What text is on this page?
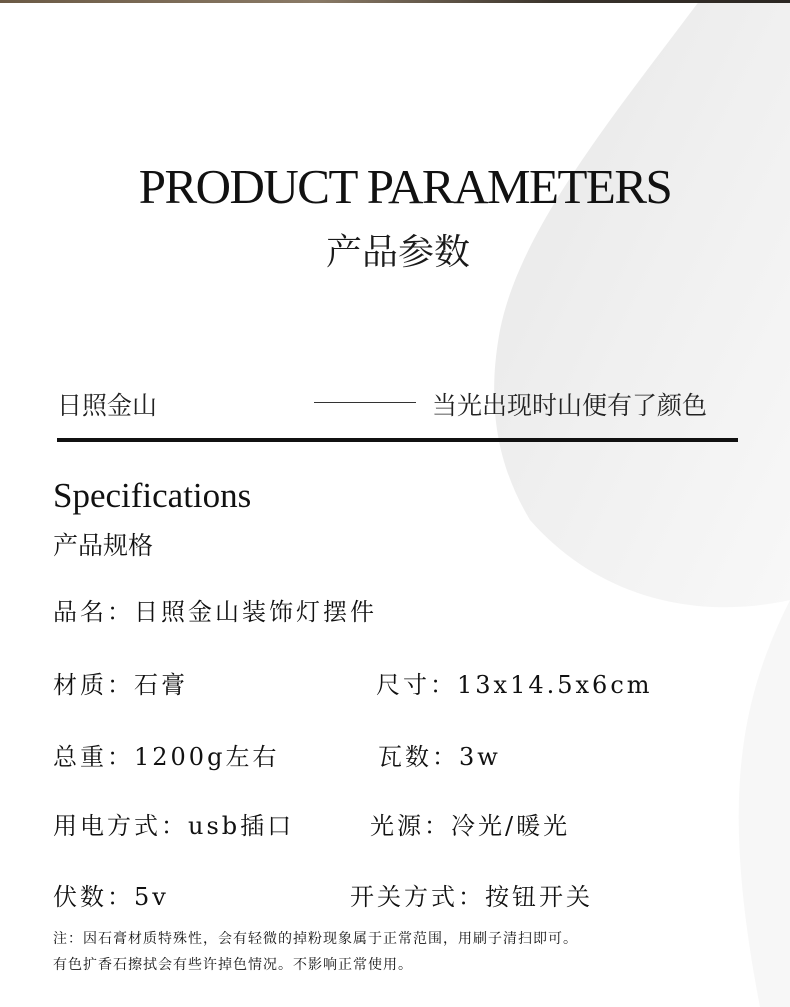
PRODUCT PARAMETERS
产品参数
日照金山	当光出现时山便有了颜色
Specifications
产品规格
品名：日照金山装饰灯摆件
材质：石膏	尺寸：13x14.5x6cm
总重：1200g左右	瓦数：3w
用电方式：usb插口	光源：冷光/暖光
伏数：5v	开关方式：按钮开关
注：因石膏材质特殊性，会有轻微的掉粉现象属于正常范围，用刷子清扫即可。
有色扩香石擦拭会有些许掉色情况。不影响正常使用。
